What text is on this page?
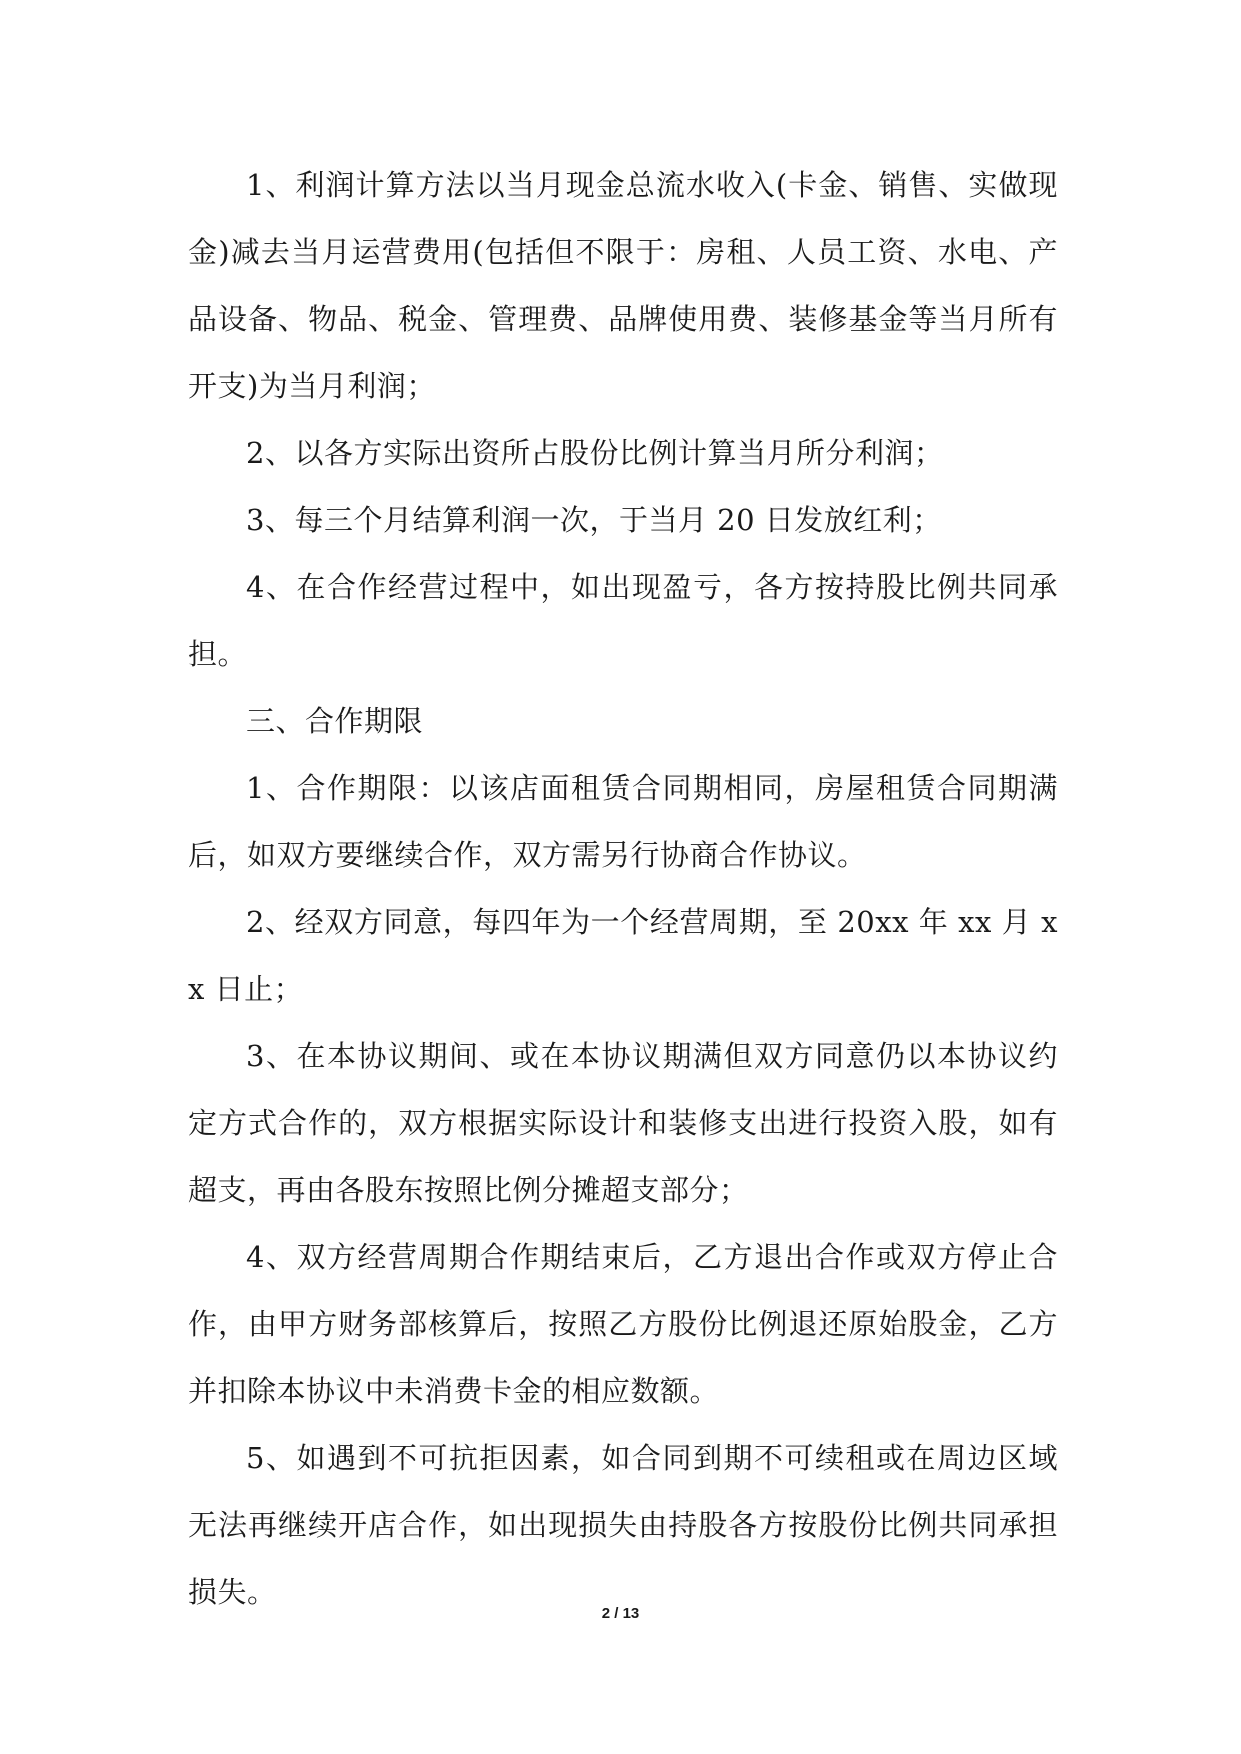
1、利润计算方法以当月现金总流水收入(卡金、销售、实做现金)减去当月运营费用(包括但不限于：房租、人员工资、水电、产品设备、物品、税金、管理费、品牌使用费、装修基金等当月所有开支)为当月利润；

2、以各方实际出资所占股份比例计算当月所分利润；

3、每三个月结算利润一次，于当月 20 日发放红利；

4、在合作经营过程中，如出现盈亏，各方按持股比例共同承担。

三、合作期限

1、合作期限：以该店面租赁合同期相同，房屋租赁合同期满后，如双方要继续合作，双方需另行协商合作协议。

2、经双方同意，每四年为一个经营周期，至 20xx 年 xx 月 xx 日止；

3、在本协议期间、或在本协议期满但双方同意仍以本协议约定方式合作的，双方根据实际设计和装修支出进行投资入股，如有超支，再由各股东按照比例分摊超支部分；

4、双方经营周期合作期结束后，乙方退出合作或双方停止合作，由甲方财务部核算后，按照乙方股份比例退还原始股金，乙方并扣除本协议中未消费卡金的相应数额。

5、如遇到不可抗拒因素，如合同到期不可续租或在周边区域无法再继续开店合作，如出现损失由持股各方按股份比例共同承担损失。

2 / 13
